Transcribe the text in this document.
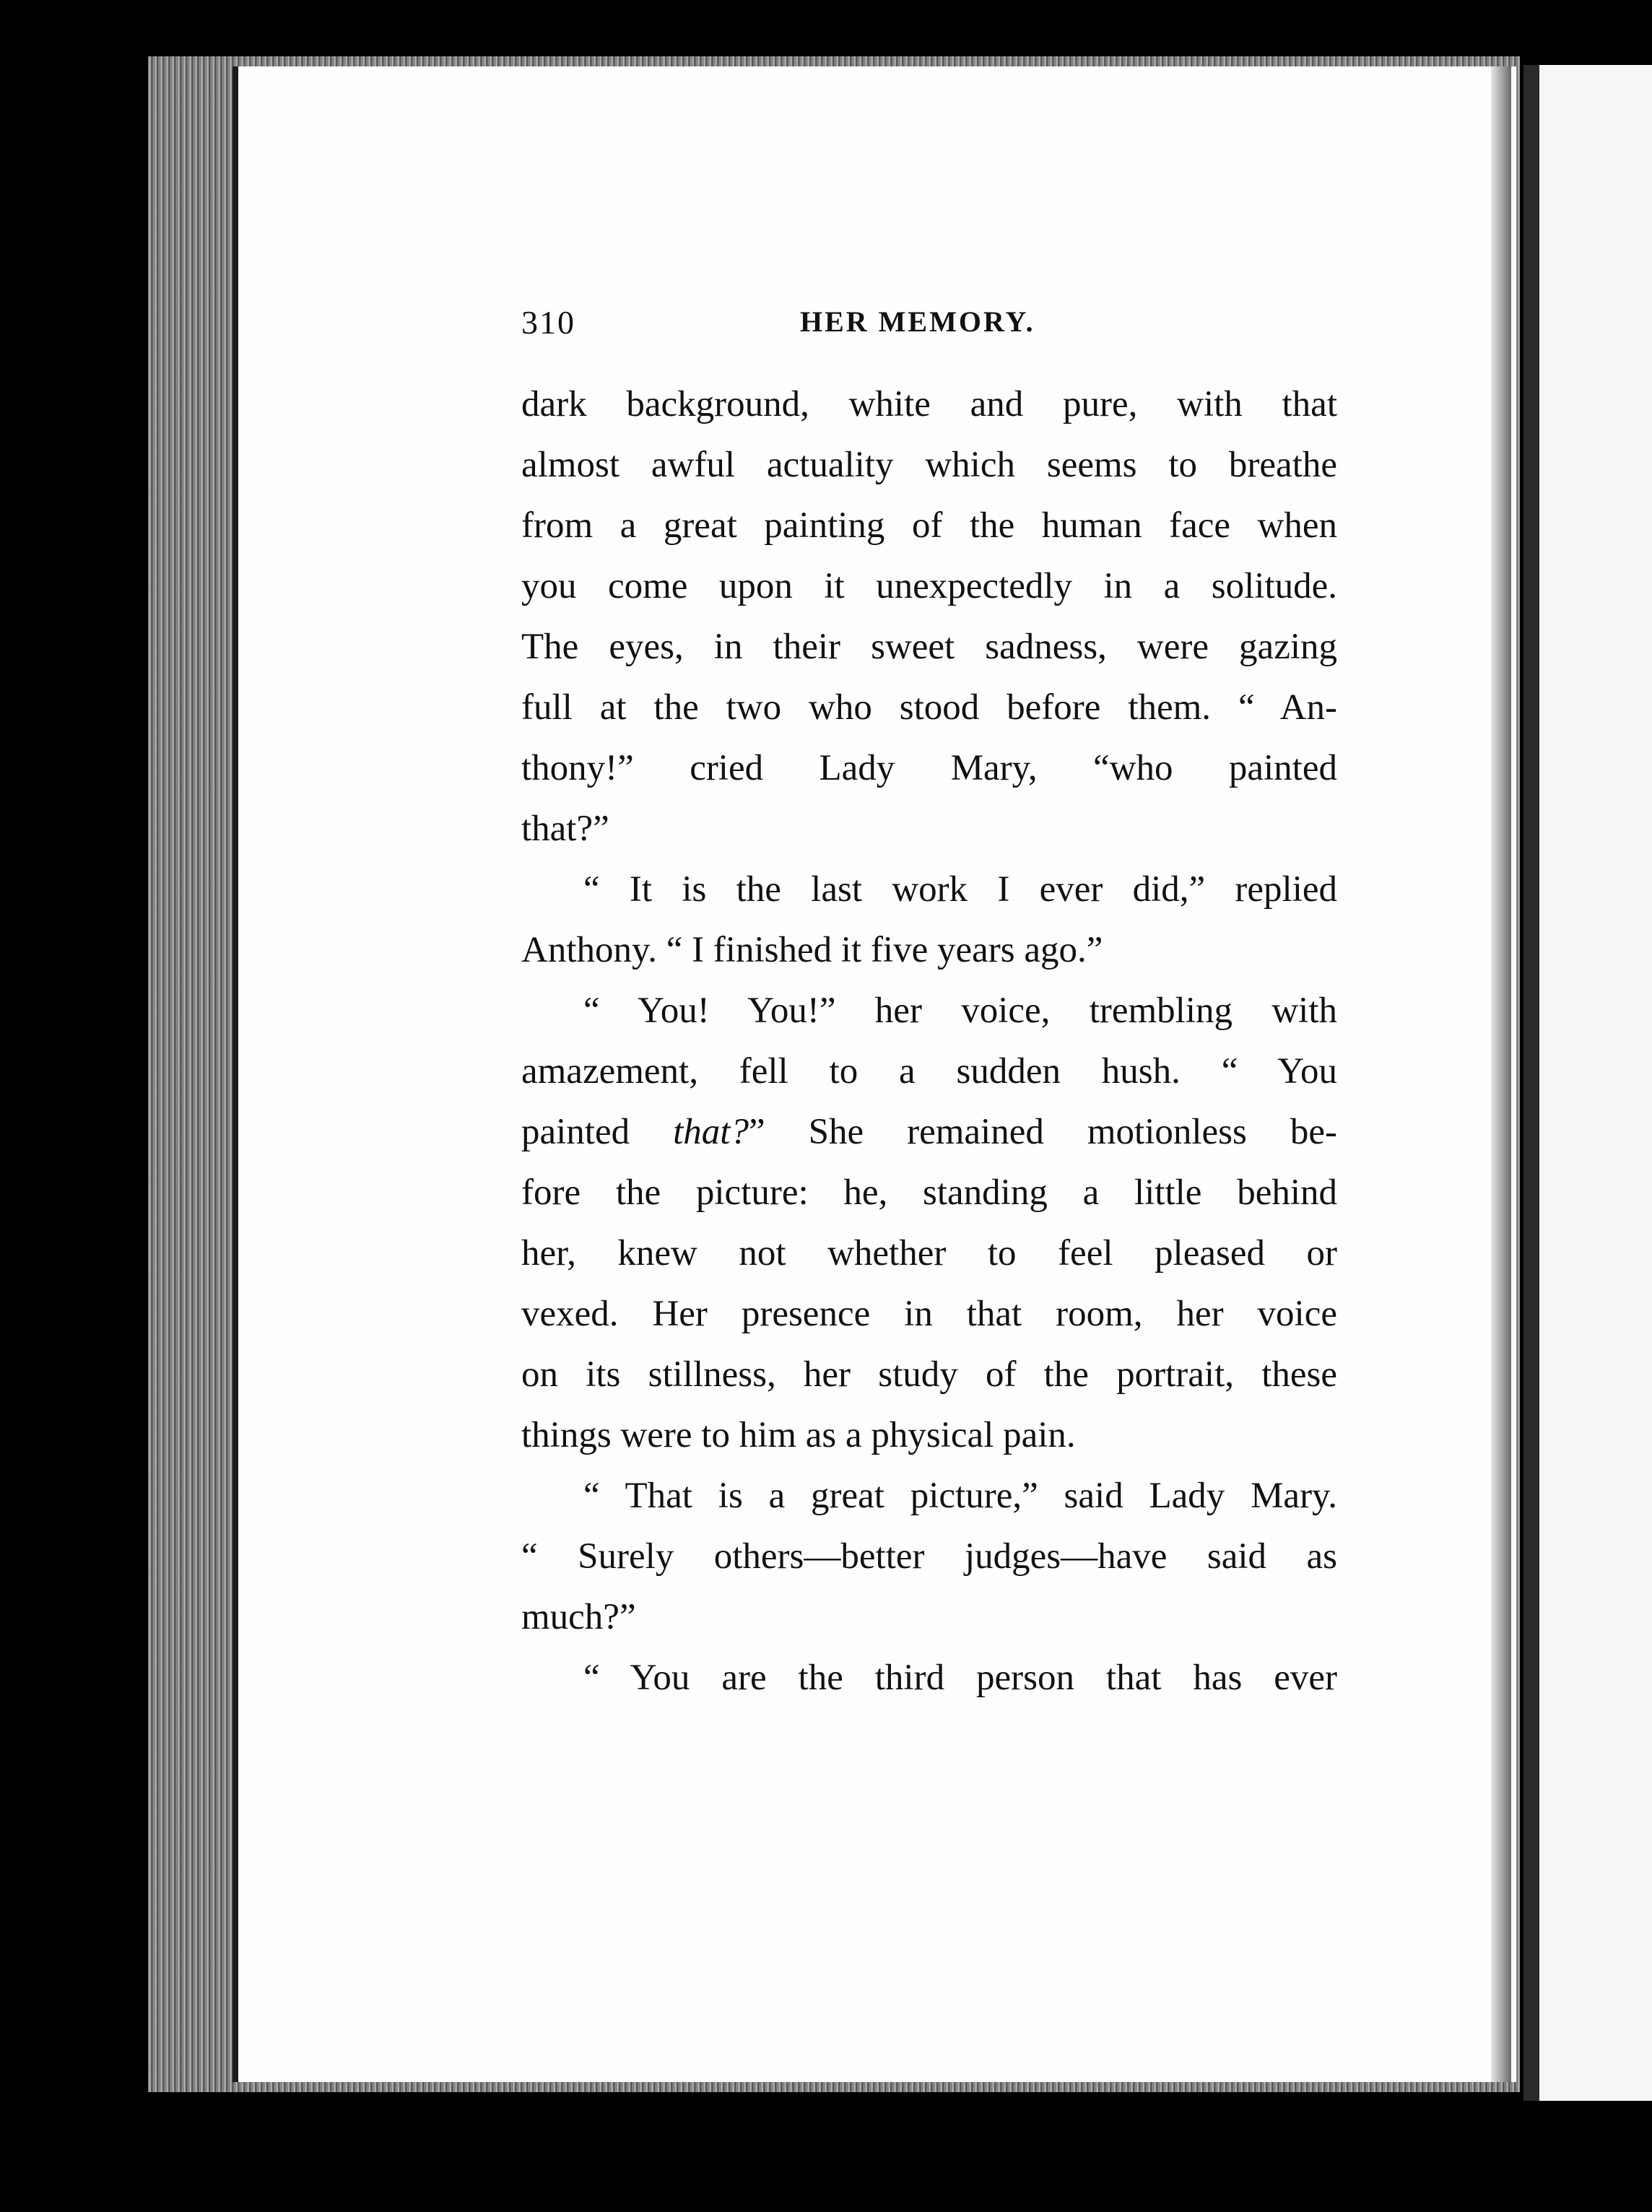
310	HER MEMORY.
dark background, white and pure, with that
almost awful actuality which seems to breathe
from a great painting of the human face when
you come upon it unexpectedly in a solitude.
The eyes, in their sweet sadness, were gazing
full at the two who stood before them. “ An-
thony!” cried Lady Mary, “who painted
that?”
“ It is the last work I ever did,” replied
Anthony. “ I finished it five years ago.”
“ You! You!” her voice, trembling with
amazement, fell to a sudden hush. “ You
painted that?” She remained motionless be-
fore the picture: he, standing a little behind
her, knew not whether to feel pleased or
vexed. Her presence in that room, her voice
on its stillness, her study of the portrait, these
things were to him as a physical pain.
“ That is a great picture,” said Lady Mary.
“ Surely others—better judges—have said as
much?”
“ You are the third person that has ever
